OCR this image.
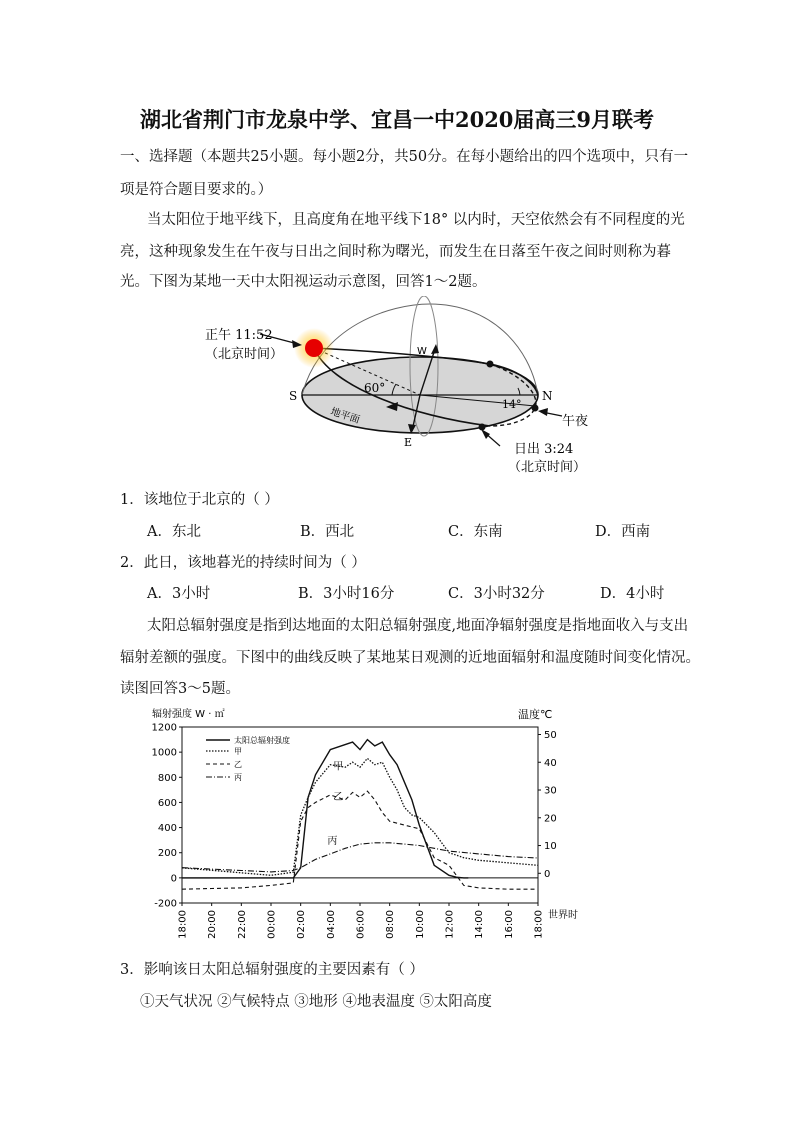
湖北省荆门市龙泉中学、宜昌一中2020届高三9月联考
一、选择题（本题共25小题。每小题2分，共50分。在每小题给出的四个选项中，只有一
项是符合题目要求的。）
当太阳位于地平线下，且高度角在地平线下18° 以内时，天空依然会有不同程度的光
亮，这种现象发生在午夜与日出之间时称为曙光，而发生在日落至午夜之间时则称为暮
光。下图为某地一天中太阳视运动示意图，回答1～2题。
正午 11:52
（北京时间）	W
S	N
E
60°
14°
地平面	午夜
日出 3:24
（北京时间）
1．该地位于北京的（ ）
A．东北	B．西北	C．东南	D．西南
2．此日，该地暮光的持续时间为（ ）
A．3小时	B．3小时16分	C．3小时32分	D．4小时
太阳总辐射强度是指到达地面的太阳总辐射强度,地面净辐射强度是指地面收入与支出
辐射差额的强度。下图中的曲线反映了某地某日观测的近地面辐射和温度随时间变化情况。
读图回答3～5题。
辐射强度 W · ㎡	温度℃
世界时
太阳总辐射强度
甲
乙
丙
-200
0
200
400
600
800
1000
1200
0
10
20
30
40
50
18:00 20:00 22:00 00:00 02:00 04:00 06:00 08:00 10:00 12:00 14:00 16:00 18:00
甲
乙
丙
3．影响该日太阳总辐射强度的主要因素有（ ）
①天气状况 ②气候特点 ③地形 ④地表温度 ⑤太阳高度
